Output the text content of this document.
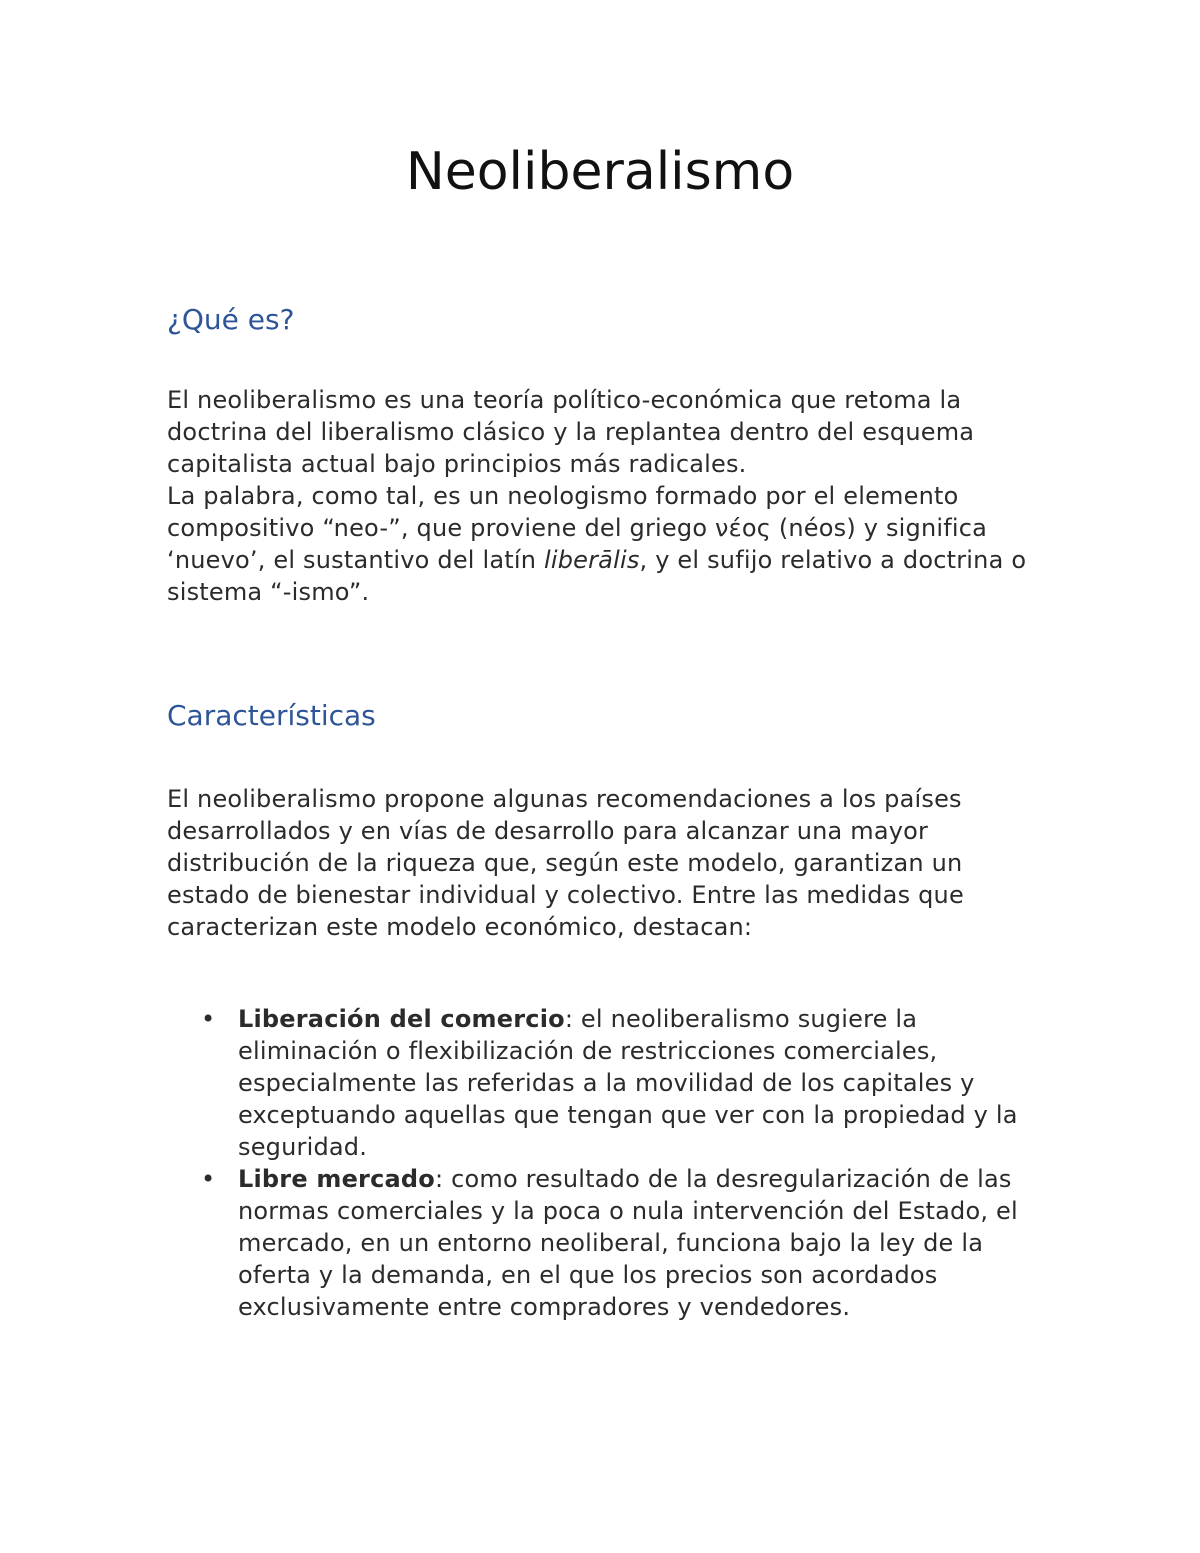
Neoliberalismo
¿Qué es?

El neoliberalismo es una teoría político-económica que retoma la doctrina del liberalismo clásico y la replantea dentro del esquema capitalista actual bajo principios más radicales.

La palabra, como tal, es un neologismo formado por el elemento compositivo “neo-”, que proviene del griego νέος (néos) y significa ‘nuevo’, el sustantivo del latín liberālis, y el sufijo relativo a doctrina o sistema “-ismo”.

Características

El neoliberalismo propone algunas recomendaciones a los países desarrollados y en vías de desarrollo para alcanzar una mayor distribución de la riqueza que, según este modelo, garantizan un estado de bienestar individual y colectivo. Entre las medidas que caracterizan este modelo económico, destacan:

• Liberación del comercio: el neoliberalismo sugiere la eliminación o flexibilización de restricciones comerciales, especialmente las referidas a la movilidad de los capitales y exceptuando aquellas que tengan que ver con la propiedad y la seguridad.
• Libre mercado: como resultado de la desregularización de las normas comerciales y la poca o nula intervención del Estado, el mercado, en un entorno neoliberal, funciona bajo la ley de la oferta y la demanda, en el que los precios son acordados exclusivamente entre compradores y vendedores.
